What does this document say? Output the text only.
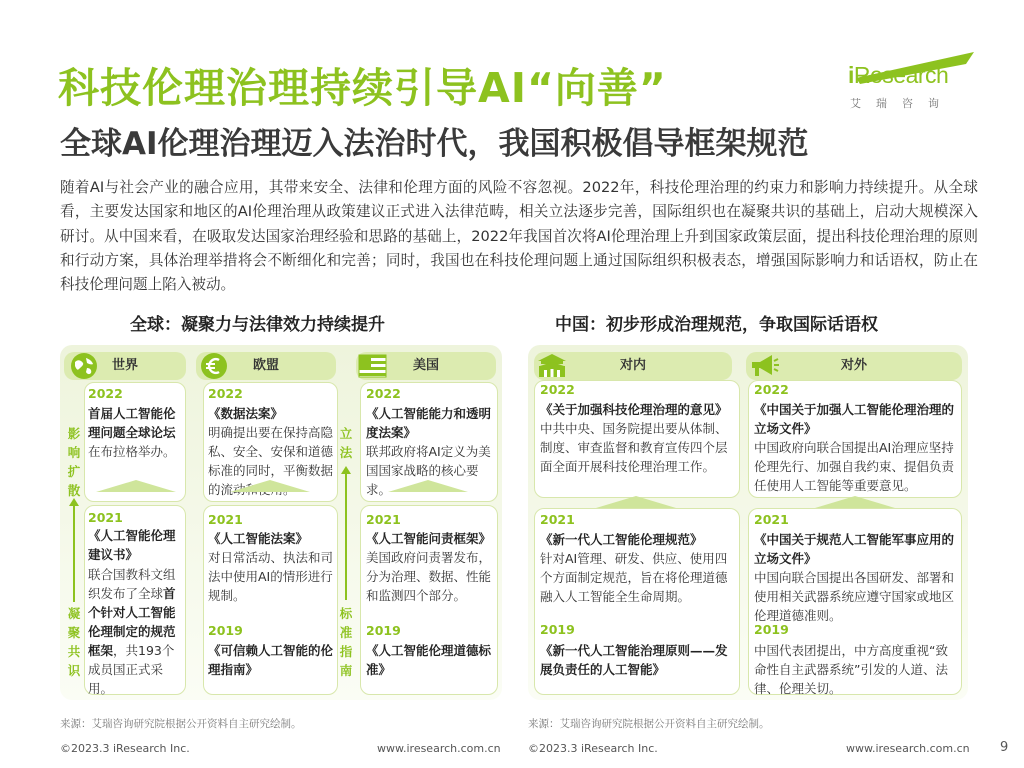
科技伦理治理持续引导AI“向善”
全球AI伦理治理迈入法治时代，我国积极倡导框架规范
iResearch
艾瑞咨询
随着AI与社会产业的融合应用，其带来安全、法律和伦理方面的风险不容忽视。2022年，科技伦理治理的约束力和影响力持续提升。从全球看，主要发达国家和地区的AI伦理治理从政策建议正式进入法律范畴，相关立法逐步完善，国际组织也在凝聚共识的基础上，启动大规模深入研讨。从中国来看，在吸取发达国家治理经验和思路的基础上，2022年我国首次将AI伦理治理上升到国家政策层面，提出科技伦理治理的原则和行动方案，具体治理举措将会不断细化和完善；同时，我国也在科技伦理问题上通过国际组织积极表态，增强国际影响力和话语权，防止在科技伦理问题上陷入被动。
全球：凝聚力与法律效力持续提升	中国：初步形成治理规范，争取国际话语权
世界
2022
首届人工智能伦理问题全球论坛在布拉格举办。
2021
《人工智能伦理建议书》
联合国教科文组织发布了全球首个针对人工智能伦理制定的规范框架，共193个成员国正式采用。
影响扩散
凝聚共识
欧盟
2022
《数据法案》
明确提出要在保持高隐私、安全、安保和道德标准的同时，平衡数据的流动和使用。
2021
《人工智能法案》
对日常活动、执法和司法中使用AI的情形进行规制。
2019
《可信赖人工智能的伦理指南》
立法
标准指南
美国
2022
《人工智能能力和透明度法案》
联邦政府将AI定义为美国国家战略的核心要求。
2021
《人工智能问责框架》
美国政府问责署发布，分为治理、数据、性能和监测四个部分。
2019
《人工智能伦理道德标准》
对内
2022
《关于加强科技伦理治理的意见》
中共中央、国务院提出要从体制、制度、审查监督和教育宣传四个层面全面开展科技伦理治理工作。
2021
《新一代人工智能伦理规范》
针对AI管理、研发、供应、使用四个方面制定规范，旨在将伦理道德融入人工智能全生命周期。
2019
《新一代人工智能治理原则——发展负责任的人工智能》
对外
2022
《中国关于加强人工智能伦理治理的立场文件》
中国政府向联合国提出AI治理应坚持伦理先行、加强自我约束、提倡负责任使用人工智能等重要意见。
2021
《中国关于规范人工智能军事应用的立场文件》
中国向联合国提出各国研发、部署和使用相关武器系统应遵守国家或地区伦理道德准则。
2019
中国代表团提出，中方高度重视“致命性自主武器系统”引发的人道、法律、伦理关切。
来源：艾瑞咨询研究院根据公开资料自主研究绘制。	来源：艾瑞咨询研究院根据公开资料自主研究绘制。
©2023.3 iResearch Inc.	www.iresearch.com.cn ©2023.3 iResearch Inc.	www.iresearch.com.cn 9
